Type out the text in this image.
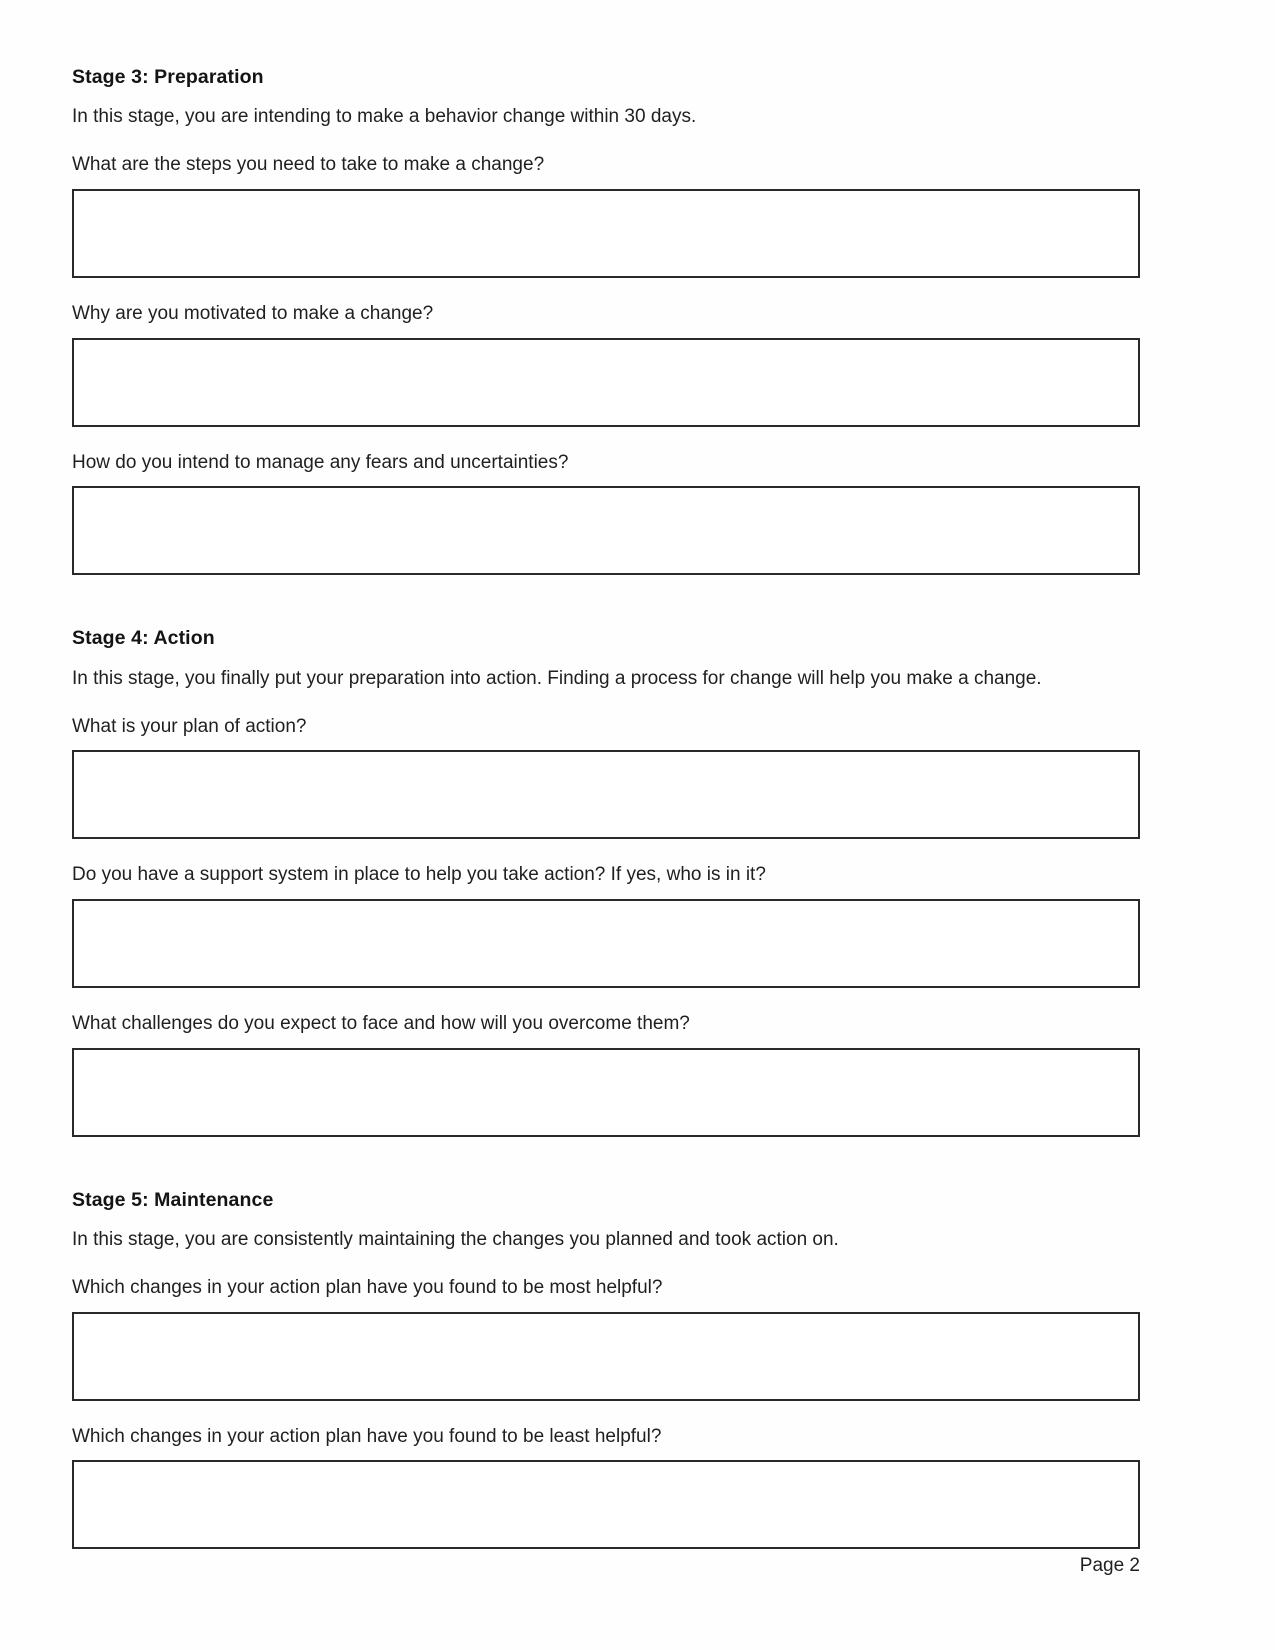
Stage 3: Preparation

In this stage, you are intending to make a behavior change within 30 days.

What are the steps you need to take to make a change?

Why are you motivated to make a change?

How do you intend to manage any fears and uncertainties?

Stage 4: Action

In this stage, you finally put your preparation into action. Finding a process for change will help you make a change.

What is your plan of action?

Do you have a support system in place to help you take action? If yes, who is in it?

What challenges do you expect to face and how will you overcome them?

Stage 5: Maintenance

In this stage, you are consistently maintaining the changes you planned and took action on.

Which changes in your action plan have you found to be most helpful?

Which changes in your action plan have you found to be least helpful?

Page 2
